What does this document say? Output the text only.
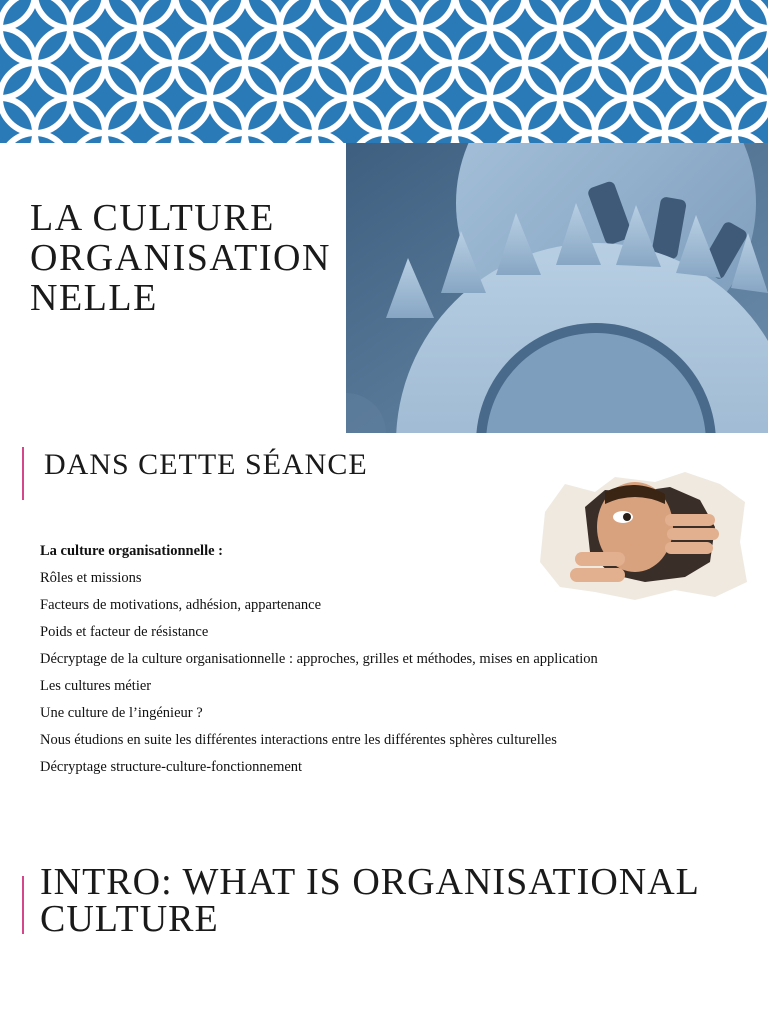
LA CULTURE
ORGANISATION
NELLE
DANS CETTE SÉANCE
La culture organisationnelle :
Rôles et missions
Facteurs de motivations, adhésion, appartenance
Poids et facteur de résistance
Décryptage de la culture organisationnelle : approches, grilles et méthodes, mises en application
Les cultures métier
Une culture de l’ingénieur ?
Nous étudions en suite les différentes interactions entre les différentes sphères culturelles
Décryptage structure-culture-fonctionnement
INTRO: WHAT IS ORGANISATIONAL
CULTURE
